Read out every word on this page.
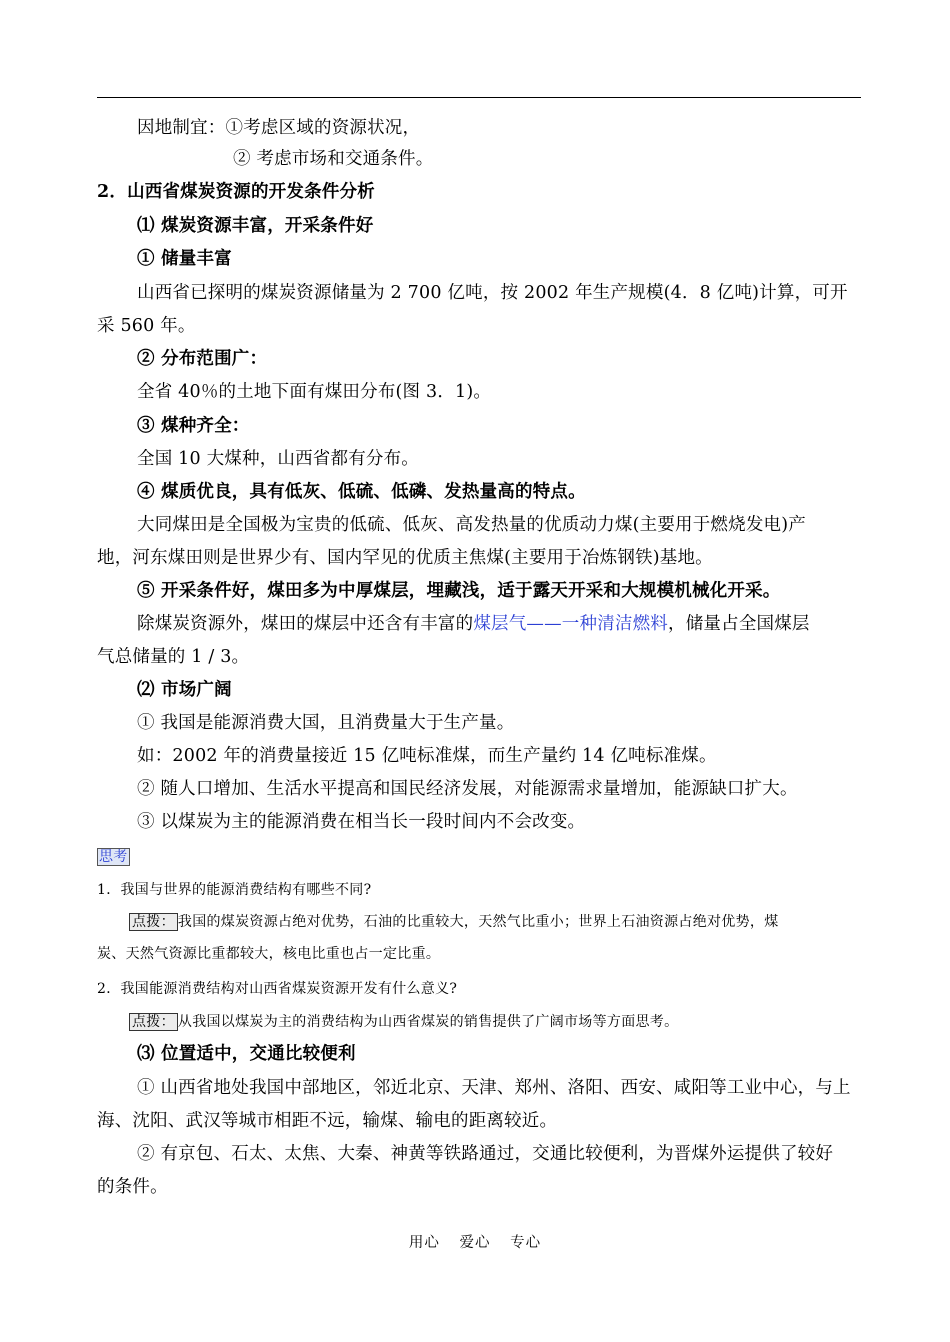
因地制宜：①考虑区域的资源状况，
② 考虑市场和交通条件。
2．山西省煤炭资源的开发条件分析
⑴ 煤炭资源丰富，开采条件好
① 储量丰富
山西省已探明的煤炭资源储量为 2 700 亿吨，按 2002 年生产规模(4．8 亿吨)计算，可开
采 560 年。
② 分布范围广：
全省 40％的土地下面有煤田分布(图 3．1)。
③ 煤种齐全：
全国 10 大煤种，山西省都有分布。
④ 煤质优良，具有低灰、低硫、低磷、发热量高的特点。
大同煤田是全国极为宝贵的低硫、低灰、高发热量的优质动力煤(主要用于燃烧发电)产
地，河东煤田则是世界少有、国内罕见的优质主焦煤(主要用于冶炼钢铁)基地。
⑤ 开采条件好，煤田多为中厚煤层，埋藏浅，适于露天开采和大规模机械化开采。
除煤炭资源外，煤田的煤层中还含有丰富的煤层气——一种清洁燃料，储量占全国煤层
气总储量的 1 / 3。
⑵ 市场广阔
① 我国是能源消费大国，且消费量大于生产量。
如：2002 年的消费量接近 15 亿吨标准煤，而生产量约 14 亿吨标准煤。
② 随人口增加、生活水平提高和国民经济发展，对能源需求量增加，能源缺口扩大。
③ 以煤炭为主的能源消费在相当长一段时间内不会改变。
思考
1．我国与世界的能源消费结构有哪些不同?
点拨： 我国的煤炭资源占绝对优势，石油的比重较大，天然气比重小；世界上石油资源占绝对优势，煤
炭、天然气资源比重都较大，核电比重也占一定比重。
2．我国能源消费结构对山西省煤炭资源开发有什么意义?
点拨： 从我国以煤炭为主的消费结构为山西省煤炭的销售提供了广阔市场等方面思考。
⑶ 位置适中，交通比较便利
① 山西省地处我国中部地区，邻近北京、天津、郑州、洛阳、西安、咸阳等工业中心，与上
海、沈阳、武汉等城市相距不远，输煤、输电的距离较近。
② 有京包、石太、太焦、大秦、神黄等铁路通过，交通比较便利，为晋煤外运提供了较好
的条件。
用心 爱心 专心
